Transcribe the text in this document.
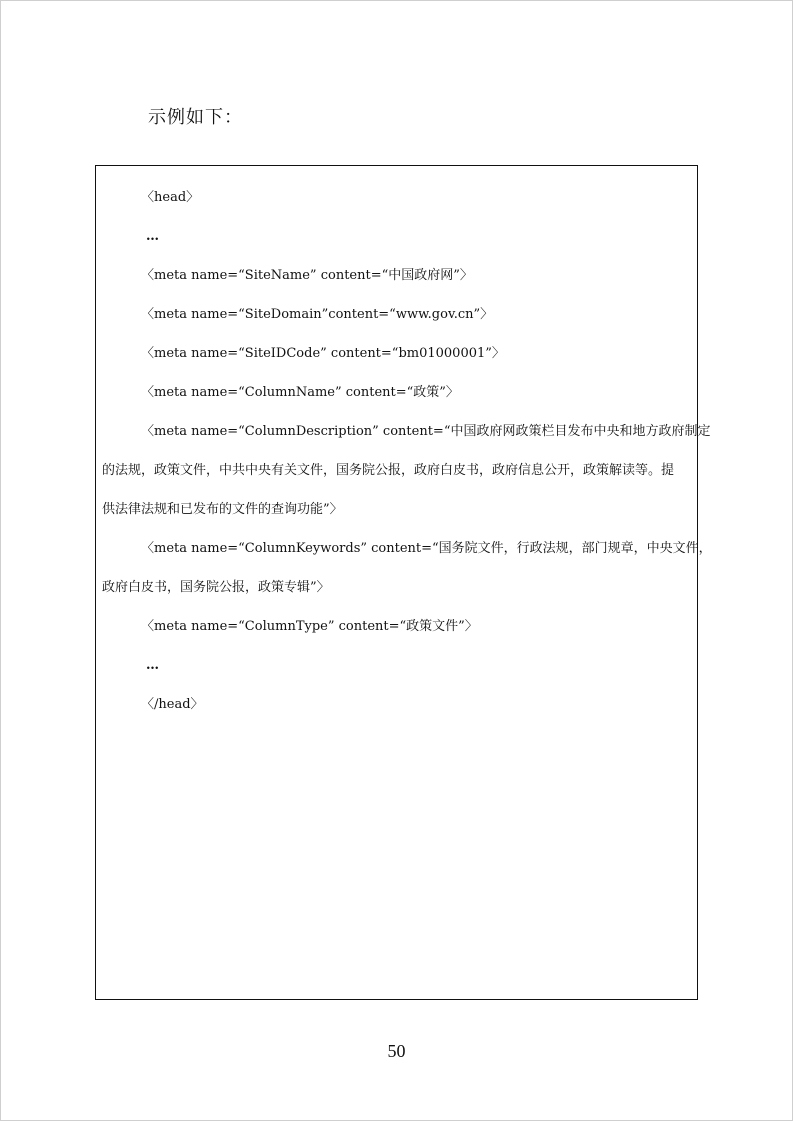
示例如下：
〈head〉
…
〈meta name=“SiteName” content=“中国政府网”〉
〈meta name=“SiteDomain”content=“www.gov.cn”〉
〈meta name=“SiteIDCode” content=“bm01000001”〉
〈meta name=“ColumnName” content=“政策”〉
〈meta name=“ColumnDescription” content=“中国政府网政策栏目发布中央和地方政府制定
的法规，政策文件，中共中央有关文件，国务院公报，政府白皮书，政府信息公开，政策解读等。提
供法律法规和已发布的文件的查询功能”〉
〈meta name=“ColumnKeywords” content=“国务院文件，行政法规，部门规章，中央文件，
政府白皮书，国务院公报，政策专辑”〉
〈meta name=“ColumnType” content=“政策文件”〉
…
〈/head〉
50
